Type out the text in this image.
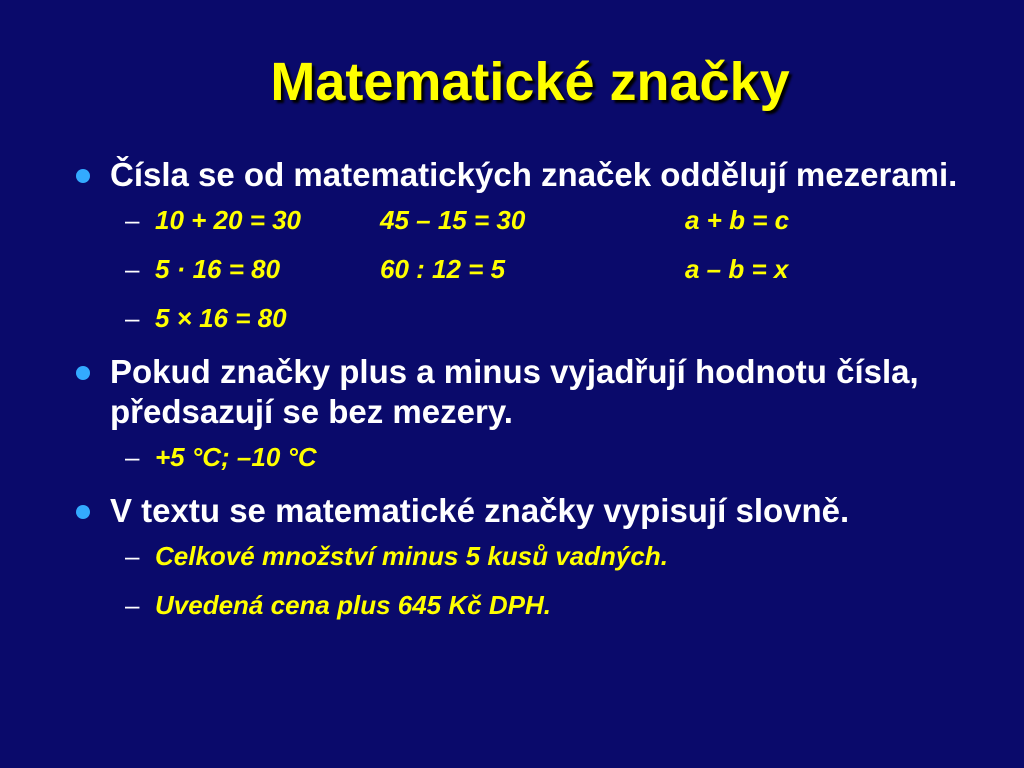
Matematické značky
Čísla se od matematických značek oddělují mezerami.
– 10 + 20 = 30	45 – 15 = 30	a + b = c
– 5 · 16 = 80	60 : 12 = 5	a – b = x
– 5 × 16 = 80
Pokud značky plus a minus vyjadřují hodnotu čísla, předsazují se bez mezery.
– +5 °C; –10 °C
V textu se matematické značky vypisují slovně.
– Celkové množství minus 5 kusů vadných.
– Uvedená cena plus 645 Kč DPH.
